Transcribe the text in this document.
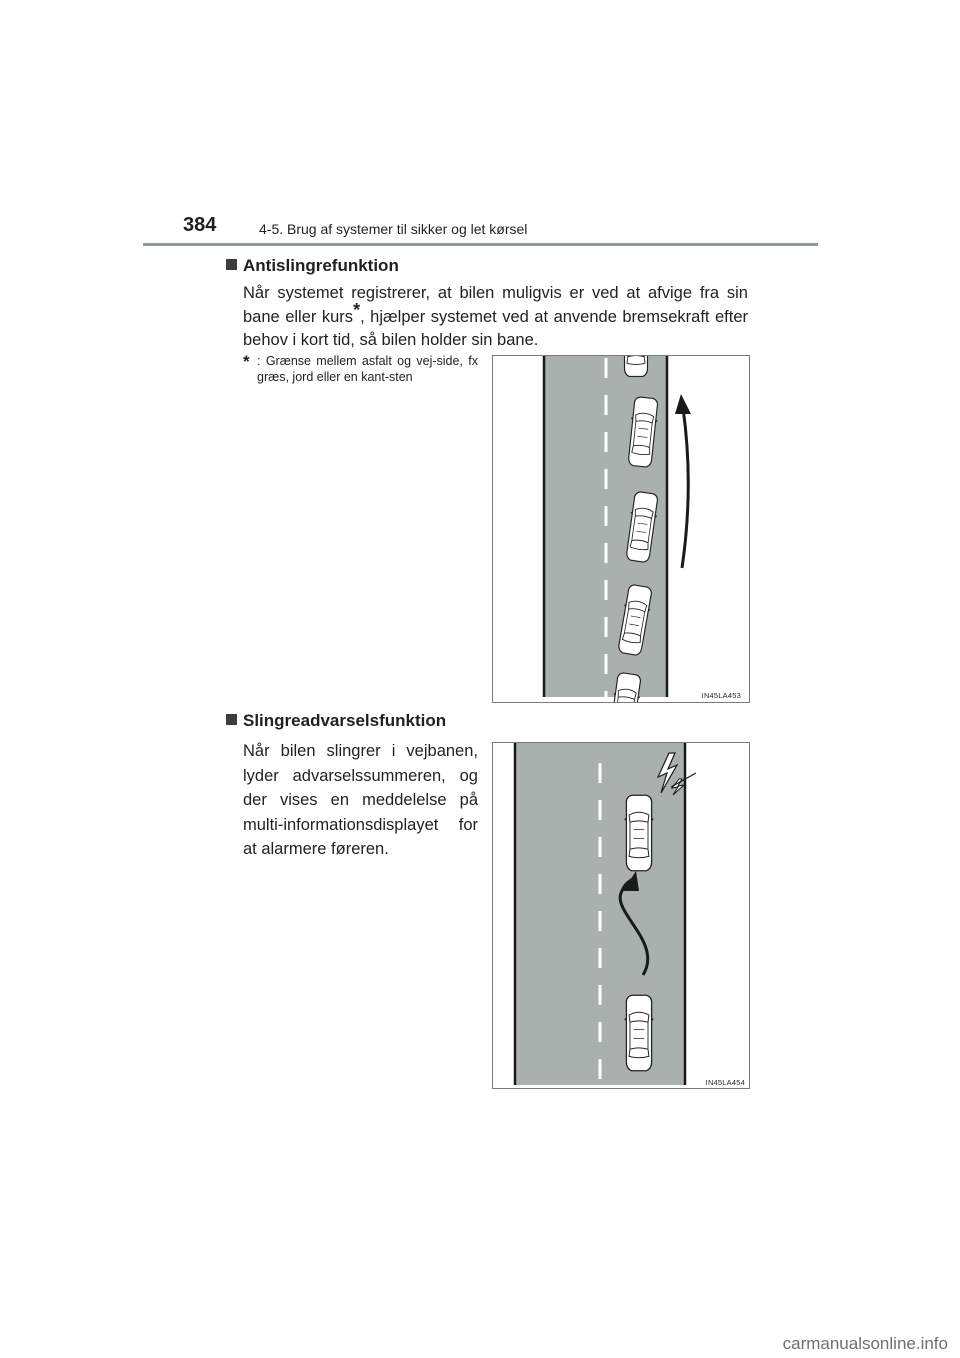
384	4-5. Brug af systemer til sikker og let kørsel
Antislingrefunktion
Når systemet registrerer, at bilen muligvis er ved at afvige fra sin bane eller kurs*, hjælper systemet ved at anvende bremsekraft efter behov i kort tid, så bilen holder sin bane.
* : Grænse mellem asfalt og vej-side, fx græs, jord eller en kant-sten
IN45LA453
Slingreadvarselsfunktion
Når bilen slingrer i vejbanen, lyder advarselssummeren, og der vises en meddelelse på multi-informationsdisplayet for at alarmere føreren.
IN45LA454
carmanualsonline.info
